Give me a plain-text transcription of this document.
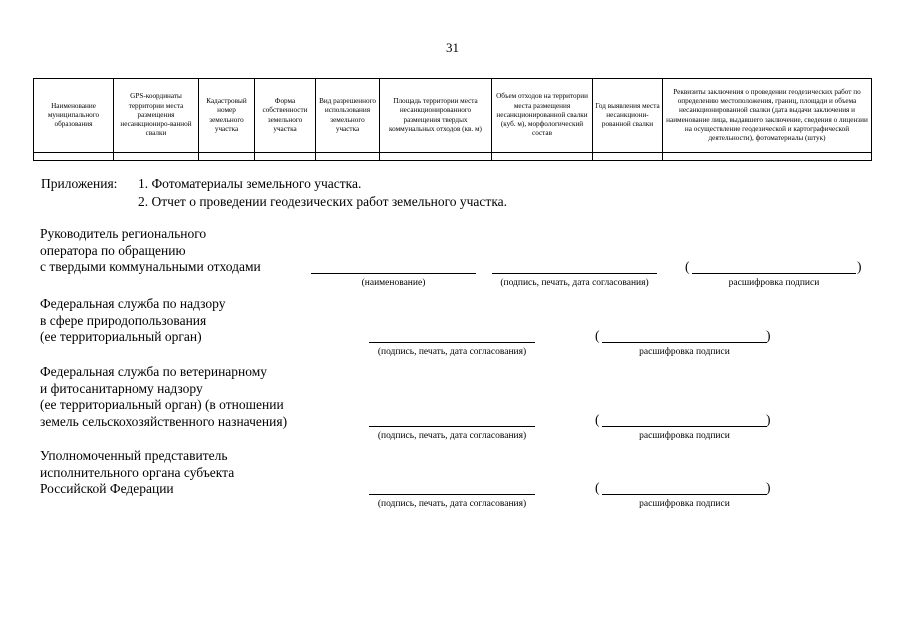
31
Наименование муниципального образования	GPS-координаты территории места размещения несанкциониро-ванной свалки	Кадастровый номер земельного участка	Форма собственности земельного участка	Вид разрешенного использования земельного участка	Площадь территории места несанкционированного размещения твердых коммунальных отходов (кв. м)	Объем отходов на территории места размещения несанкционированной свалки (куб. м), морфологический состав	Год выявления места несанкциони-рованной свалки	Реквизиты заключения о проведении геодезических работ по определению местоположения, границ, площади и объема несанкционированной свалки (дата выдачи заключения и наименование лица, выдавшего заключение, сведения о лицензии на осуществление геодезической и картографической деятельности), фотоматериалы (штук)

Приложения: 1. Фотоматериалы земельного участка.
2. Отчет о проведении геодезических работ земельного участка.
Руководитель регионального
оператора по обращению
с твердыми коммунальными отходами
(наименование)	(подпись, печать, дата согласования)
(	)
расшифровка подписи
Федеральная служба по надзору
в сфере природопользования
(ее территориальный орган)
(подпись, печать, дата согласования)
(	)
расшифровка подписи
Федеральная служба по ветеринарному
и фитосанитарному надзору
(ее территориальный орган) (в отношении
земель сельскохозяйственного назначения)
(подпись, печать, дата согласования)
(	)
расшифровка подписи
Уполномоченный представитель
исполнительного органа субъекта
Российской Федерации
(подпись, печать, дата согласования)
(	)
расшифровка подписи
